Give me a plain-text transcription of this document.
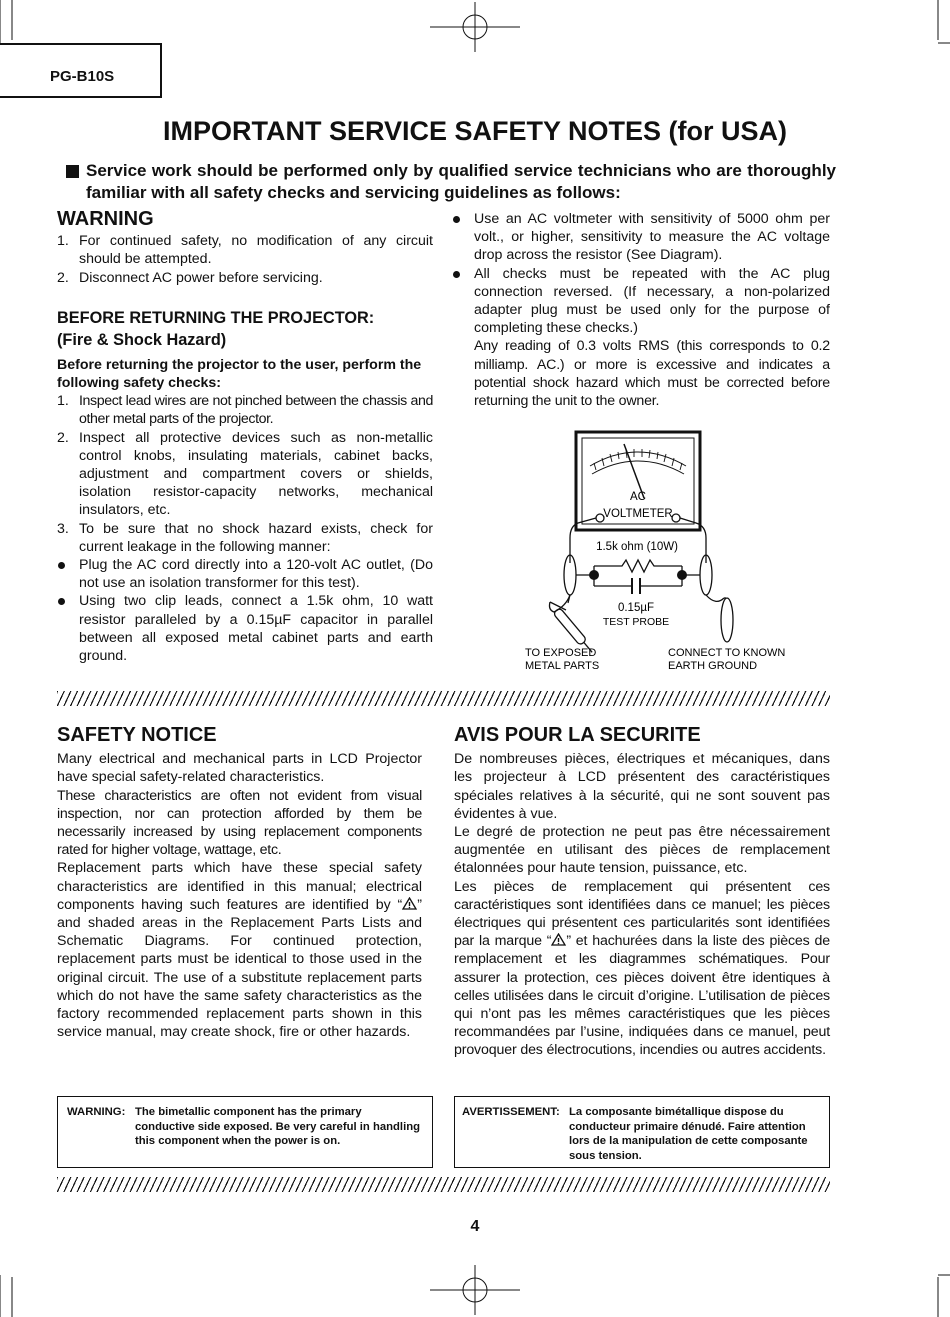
PG-B10S
IMPORTANT SERVICE SAFETY NOTES (for USA)
Service work should be performed only by qualified service technicians who are thoroughly familiar with all safety checks and servicing guidelines as follows:
WARNING
1. For continued safety, no modification of any circuit should be attempted.
2. Disconnect AC power before servicing.
BEFORE RETURNING THE PROJECTOR:
(Fire & Shock Hazard)

Before returning the projector to the user, perform the following safety checks:

1. Inspect lead wires are not pinched between the chassis and other metal parts of the projector.
2. Inspect all protective devices such as non-metallic control knobs, insulating materials, cabinet backs, adjustment and compartment covers or shields, isolation resistor-capacity networks, mechanical insulators, etc.
3. To be sure that no shock hazard exists, check for current leakage in the following manner:
Plug the AC cord directly into a 120-volt AC outlet, (Do not use an isolation transformer for this test).
Using two clip leads, connect a 1.5k ohm, 10 watt resistor paralleled by a 0.15µF capacitor in parallel between all exposed metal cabinet parts and earth ground.
Use an AC voltmeter with sensitivity of 5000 ohm per volt., or higher, sensitivity to measure the AC voltage drop across the resistor (See Diagram).
All checks must be repeated with the AC plug connection reversed. (If necessary, a non-polarized adapter plug must be used only for the purpose of completing these checks.)

Any reading of 0.3 volts RMS (this corresponds to 0.2 milliamp. AC.) or more is excessive and indicates a potential shock hazard which must be corrected before returning the unit to the owner.

AC
VOLTMETER
1.5k ohm (10W)
0.15µF
TEST PROBE
TO EXPOSED
METAL PARTS
CONNECT TO KNOWN
EARTH GROUND
SAFETY NOTICE

Many electrical and mechanical parts in LCD Projector have special safety-related characteristics.

These characteristics are often not evident from visual inspection, nor can protection afforded by them be necessarily increased by using replacement components rated for higher voltage, wattage, etc.

Replacement parts which have these special safety characteristics are identified in this manual; electrical components having such features are identified by “ ” and shaded areas in the Replacement Parts Lists and Schematic Diagrams. For continued protection, replacement parts must be identical to those used in the original circuit. The use of a substitute replacement parts which do not have the same safety characteristics as the factory recommended replacement parts shown in this service manual, may create shock, fire or other hazards.

AVIS POUR LA SECURITE

De nombreuses pièces, électriques et mécaniques, dans les projecteur à LCD présentent des caractéristiques spéciales relatives à la sécurité, qui ne sont souvent pas évidentes à vue.

Le degré de protection ne peut pas être nécessairement augmentée en utilisant des pièces de remplacement étalonnées pour haute tension, puissance, etc.

Les pièces de remplacement qui présentent ces caractéristiques sont identifiées dans ce manuel; les pièces électriques qui présentent ces particularités sont identifiées par la marque “ ” et hachurées dans la liste des pièces de remplacement et les diagrammes schématiques. Pour assurer la protection, ces pièces doivent être identiques à celles utilisées dans le circuit d’origine. L’utilisation de pièces qui n’ont pas les mêmes caractéristiques que les pièces recommandées par l’usine, indiquées dans ce manuel, peut provoquer des électrocutions, incendies ou autres accidents.

WARNING: The bimetallic component has the primary conductive side exposed. Be very careful in handling this component when the power is on.
AVERTISSEMENT: La composante bimétallique dispose du conducteur primaire dénudé. Faire attention lors de la manipulation de cette composante sous tension.
4
